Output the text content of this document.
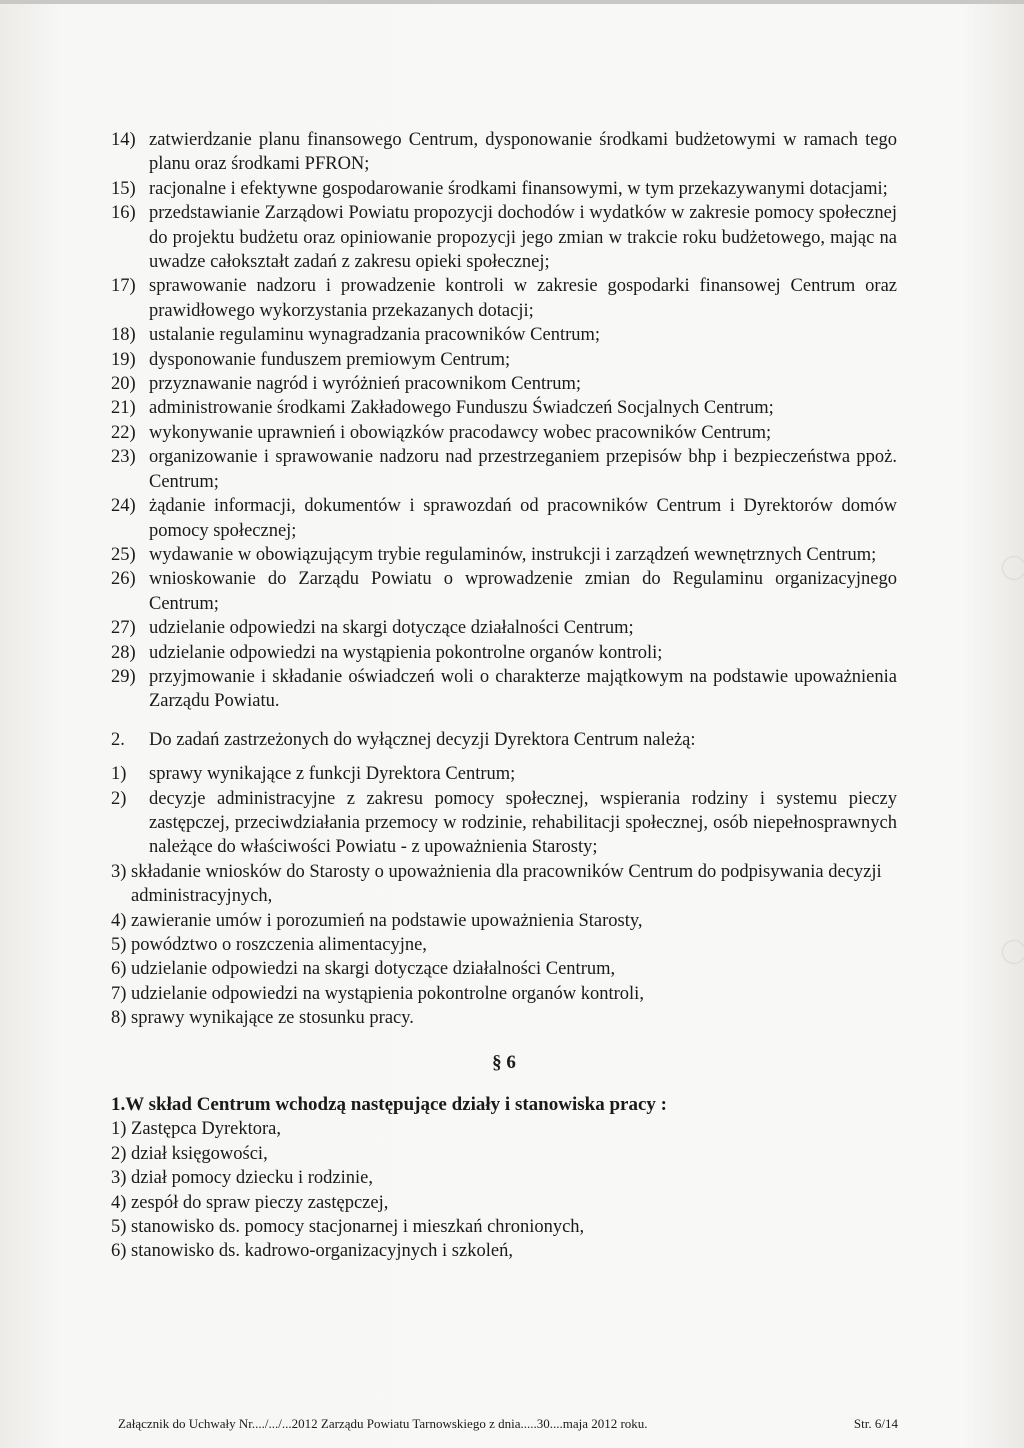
14) zatwierdzanie planu finansowego Centrum, dysponowanie środkami budżetowymi w ramach tego planu oraz środkami PFRON;
15) racjonalne i efektywne gospodarowanie środkami finansowymi, w tym przekazywanymi dotacjami;
16) przedstawianie Zarządowi Powiatu propozycji dochodów i wydatków w zakresie pomocy społecznej do projektu budżetu oraz opiniowanie propozycji jego zmian w trakcie roku budżetowego, mając na uwadze całokształt zadań z zakresu opieki społecznej;
17) sprawowanie nadzoru i prowadzenie kontroli w zakresie gospodarki finansowej Centrum oraz prawidłowego wykorzystania przekazanych dotacji;
18) ustalanie regulaminu wynagradzania pracowników Centrum;
19) dysponowanie funduszem premiowym Centrum;
20) przyznawanie nagród i wyróżnień pracownikom Centrum;
21) administrowanie środkami Zakładowego Funduszu Świadczeń Socjalnych Centrum;
22) wykonywanie uprawnień i obowiązków pracodawcy wobec pracowników Centrum;
23) organizowanie i sprawowanie nadzoru nad przestrzeganiem przepisów bhp i bezpieczeństwa ppoż. Centrum;
24) żądanie informacji, dokumentów i sprawozdań od pracowników Centrum i Dyrektorów domów pomocy społecznej;
25) wydawanie w obowiązującym trybie regulaminów, instrukcji i zarządzeń wewnętrznych Centrum;
26) wnioskowanie do Zarządu Powiatu o wprowadzenie zmian do Regulaminu organizacyjnego Centrum;
27) udzielanie odpowiedzi na skargi dotyczące działalności Centrum;
28) udzielanie odpowiedzi na wystąpienia pokontrolne organów kontroli;
29) przyjmowanie i składanie oświadczeń woli o charakterze majątkowym na podstawie upoważnienia Zarządu Powiatu.
2. Do zadań zastrzeżonych do wyłącznej decyzji Dyrektora Centrum należą:
1) sprawy wynikające z funkcji Dyrektora Centrum;
2) decyzje administracyjne z zakresu pomocy społecznej, wspierania rodziny i systemu pieczy zastępczej, przeciwdziałania przemocy w rodzinie, rehabilitacji społecznej, osób niepełnosprawnych należące do właściwości Powiatu - z upoważnienia Starosty;
3) składanie wniosków do Starosty o upoważnienia dla pracowników Centrum do podpisywania decyzji administracyjnych,
4) zawieranie umów i porozumień na podstawie upoważnienia Starosty,
5) powództwo o roszczenia alimentacyjne,
6) udzielanie odpowiedzi na skargi dotyczące działalności Centrum,
7) udzielanie odpowiedzi na wystąpienia pokontrolne organów kontroli,
8) sprawy wynikające ze stosunku pracy.
§ 6
1.W skład Centrum wchodzą następujące działy i stanowiska pracy :
1) Zastępca Dyrektora,
2) dział księgowości,
3) dział pomocy dziecku i rodzinie,
4) zespół do spraw pieczy zastępczej,
5) stanowisko ds. pomocy stacjonarnej i mieszkań chronionych,
6) stanowisko ds. kadrowo-organizacyjnych i szkoleń,
Załącznik do Uchwały Nr..../.../...2012 Zarządu Powiatu Tarnowskiego z dnia.....30....maja 2012 roku.	Str. 6/14
